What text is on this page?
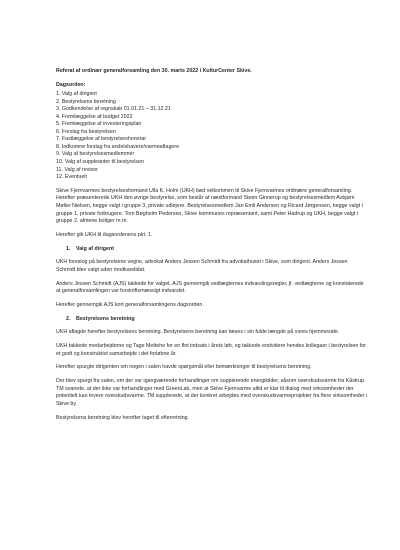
Referat af ordinær generalforsamling den 30. marts 2022 i KulturCenter Skive.

Dagsorden:

1. Valg af dirigent
2. Bestyrelsens beretning
3. Godkendelse af regnskab 01.01.21 – 31.12.21
4. Fremlæggelse af budget 2022
5. Fremlæggelse af investeringsplan
6. Forslag fra bestyrelsen
7. Fastlæggelse af bestyrelseshonorar
8. Indkomne forslag fra andelshavere/varmeaftagere
9. Valg af bestyrelsesmedlemmer
10. Valg af suppleanter til bestyrelsen
11. Valg af revisor
12. Eventuelt

Skive Fjernvarmes bestyrelsesformand Ulla K. Holm (UKH) bød velkommen til Skive Fjernvarmes ordinære generalforsamling. Herefter præsenterede UKH den øvrige bestyrelse, som består af næstformand Steen Ginnerup og bestyrelsesmedlem Asbjørn Møller Nielsen, begge valgt i gruppe 3, private udlejere. Bestyrelsesmedlem Jan Emil Andersen og Ricard Jørgensen, begge valgt i gruppe 1, private forbrugere. Tom Bøgholm Pedersen, Skive kommunes repræsentant, samt Peter Hadrup og UKH, begge valgt i gruppe 2, almene boliger m.m.

Herefter gik UKH til dagsordenens pkt. 1.

1. Valg af dirigent

UKH foreslog på bestyrelsens vegne, advokat Anders Jessen Schmidt fra advokathuset i Skive, som dirigent. Anders Jessen Schmidt blev valgt uden modkandidat.

Anders Jessen Schmidt (AJS) takkede for valget. AJS gennemgik vedtægternes indvarslingsregler, jf. vedtægterne og konstaterede at generalforsamlingen var forskriftsmæssigt indvarslet.

Herefter gennemgik AJS kort generalforsamlingens dagsorden.

2. Bestyrelsens beretning

UKH aflagde herefter bestyrelsens beretning. Bestyrelsens beretning kan læses i sin fulde længde på vores hjemmeside.

UKH takkede medarbejderne og Tage Mettehe for en flot indsats i årets løb, og takkede endvidere hendes kollegaer i bestyrelsen for et godt og konstruktivt samarbejde i det forløbne år.

Herefter spurgte dirigenten om nogen i salen havde spørgsmål eller bemærkninger til bestyrelsens beretning.

Der blev spurgt fra salen, om der var igangværende forhandlinger om supplerende energikilder, såsom overskudsvarme fra Kåstrup. TM svarede, at der ikke var forhandlinger med GreenLab, men at Skive Fjernvarme altid er klar til dialog med virksomheder der potentielt kan levere overskudsvarme. TM supplerede, at der konkret arbejdes med overskudsvarmeprojekter fra flere virksomheder i Skive by.

Bestyrelsens beretning blev herefter taget til efterretning.
